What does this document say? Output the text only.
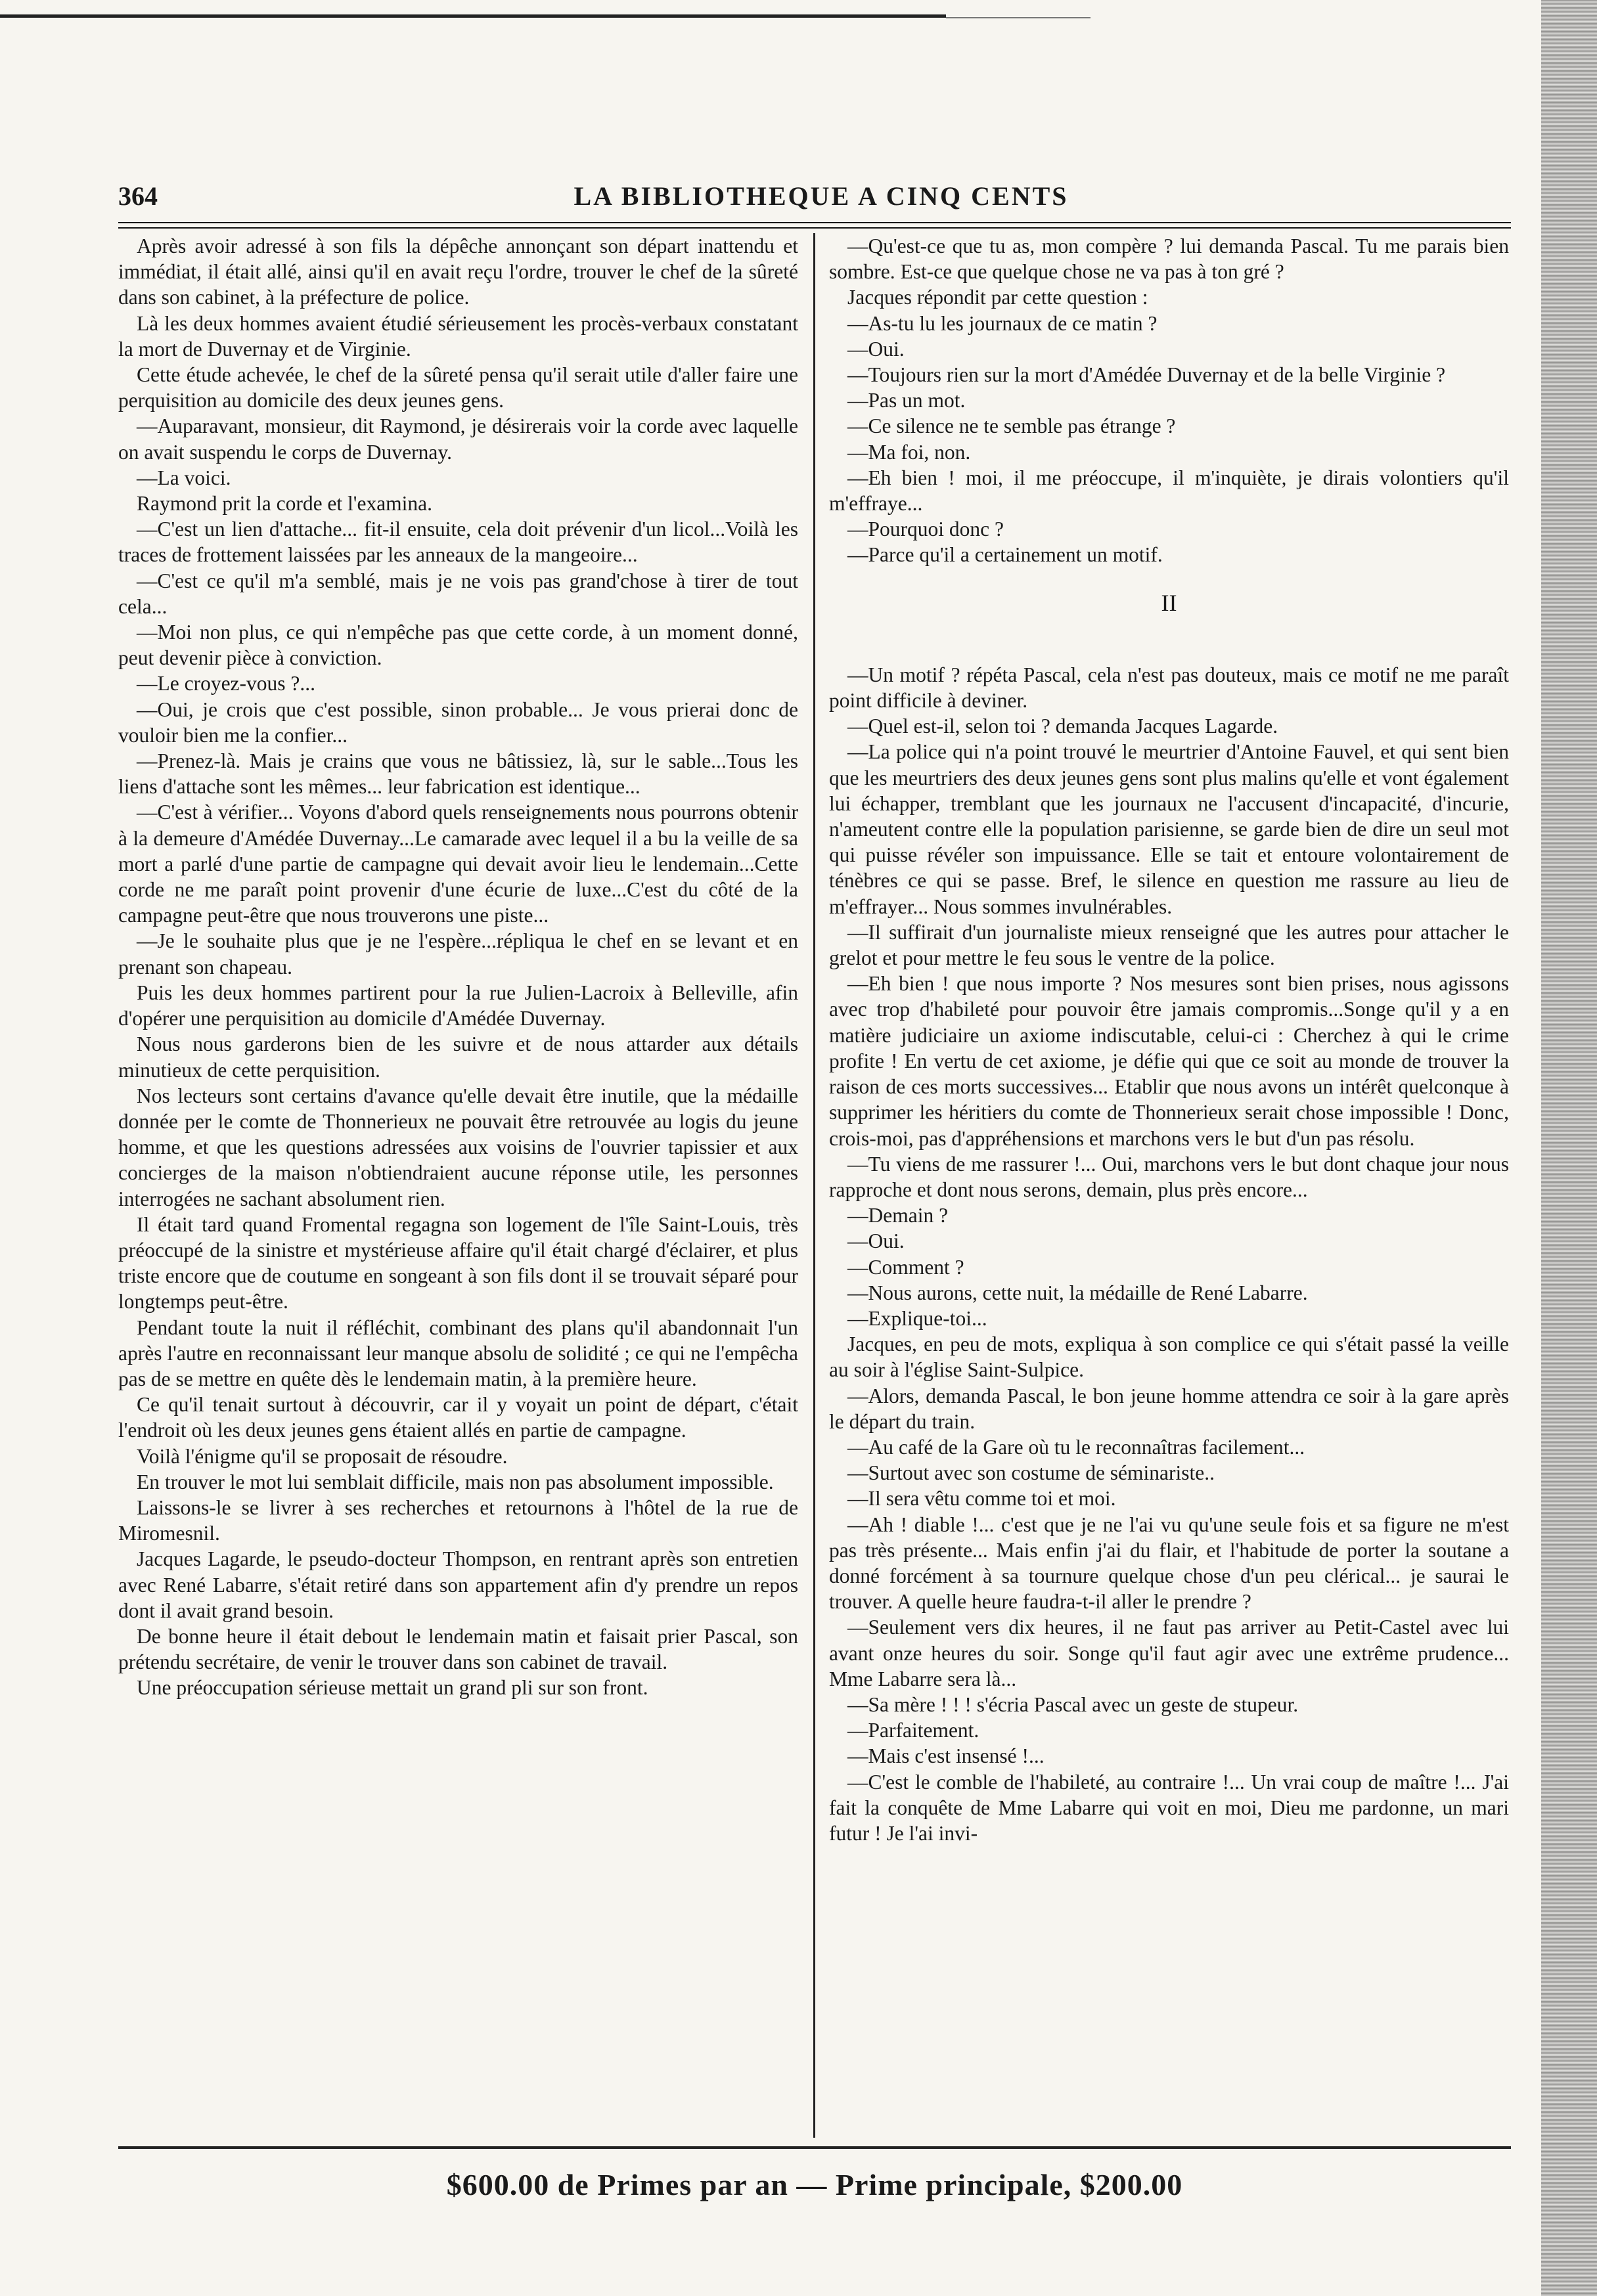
364	LA BIBLIOTHEQUE A CINQ CENTS

Après avoir adressé à son fils la dépêche annonçant son départ inattendu et immédiat, il était allé, ainsi qu'il en avait reçu l'ordre, trouver le chef de la sûreté dans son cabinet, à la préfecture de police.

Là les deux hommes avaient étudié sérieusement les procès-verbaux constatant la mort de Duvernay et de Virginie.

Cette étude achevée, le chef de la sûreté pensa qu'il serait utile d'aller faire une perquisition au domicile des deux jeunes gens.

—Auparavant, monsieur, dit Raymond, je désirerais voir la corde avec laquelle on avait suspendu le corps de Duvernay.

—La voici.

Raymond prit la corde et l'examina.

—C'est un lien d'attache... fit-il ensuite, cela doit prévenir d'un licol...Voilà les traces de frottement laissées par les anneaux de la mangeoire...

—C'est ce qu'il m'a semblé, mais je ne vois pas grand'chose à tirer de tout cela...

—Moi non plus, ce qui n'empêche pas que cette corde, à un moment donné, peut devenir pièce à conviction.

—Le croyez-vous ?...

—Oui, je crois que c'est possible, sinon probable... Je vous prierai donc de vouloir bien me la confier...

—Prenez-là. Mais je crains que vous ne bâtissiez, là, sur le sable...Tous les liens d'attache sont les mêmes... leur fabrication est identique...

—C'est à vérifier... Voyons d'abord quels renseignements nous pourrons obtenir à la demeure d'Amédée Duvernay...Le camarade avec lequel il a bu la veille de sa mort a parlé d'une partie de campagne qui devait avoir lieu le lendemain...Cette corde ne me paraît point provenir d'une écurie de luxe...C'est du côté de la campagne peut-être que nous trouverons une piste...

—Je le souhaite plus que je ne l'espère...répliqua le chef en se levant et en prenant son chapeau.

Puis les deux hommes partirent pour la rue Julien-Lacroix à Belleville, afin d'opérer une perquisition au domicile d'Amédée Duvernay.

Nous nous garderons bien de les suivre et de nous attarder aux détails minutieux de cette perquisition.

Nos lecteurs sont certains d'avance qu'elle devait être inutile, que la médaille donnée per le comte de Thonnerieux ne pouvait être retrouvée au logis du jeune homme, et que les questions adressées aux voisins de l'ouvrier tapissier et aux concierges de la maison n'obtiendraient aucune réponse utile, les personnes interrogées ne sachant absolument rien.

Il était tard quand Fromental regagna son logement de l'île Saint-Louis, très préoccupé de la sinistre et mystérieuse affaire qu'il était chargé d'éclairer, et plus triste encore que de coutume en songeant à son fils dont il se trouvait séparé pour longtemps peut-être.

Pendant toute la nuit il réfléchit, combinant des plans qu'il abandonnait l'un après l'autre en reconnaissant leur manque absolu de solidité ; ce qui ne l'empêcha pas de se mettre en quête dès le lendemain matin, à la première heure.

Ce qu'il tenait surtout à découvrir, car il y voyait un point de départ, c'était l'endroit où les deux jeunes gens étaient allés en partie de campagne.

Voilà l'énigme qu'il se proposait de résoudre.

En trouver le mot lui semblait difficile, mais non pas absolument impossible.

Laissons-le se livrer à ses recherches et retournons à l'hôtel de la rue de Miromesnil.

Jacques Lagarde, le pseudo-docteur Thompson, en rentrant après son entretien avec René Labarre, s'était retiré dans son appartement afin d'y prendre un repos dont il avait grand besoin.

De bonne heure il était debout le lendemain matin et faisait prier Pascal, son prétendu secrétaire, de venir le trouver dans son cabinet de travail.

Une préoccupation sérieuse mettait un grand pli sur son front.

—Qu'est-ce que tu as, mon compère ? lui demanda Pascal. Tu me parais bien sombre. Est-ce que quelque chose ne va pas à ton gré ?

Jacques répondit par cette question :

—As-tu lu les journaux de ce matin ?

—Oui.

—Toujours rien sur la mort d'Amédée Duvernay et de la belle Virginie ?

—Pas un mot.

—Ce silence ne te semble pas étrange ?

—Ma foi, non.

—Eh bien ! moi, il me préoccupe, il m'inquiète, je dirais volontiers qu'il m'effraye...

—Pourquoi donc ?

—Parce qu'il a certainement un motif.

II

—Un motif ? répéta Pascal, cela n'est pas douteux, mais ce motif ne me paraît point difficile à deviner.

—Quel est-il, selon toi ? demanda Jacques Lagarde.

—La police qui n'a point trouvé le meurtrier d'Antoine Fauvel, et qui sent bien que les meurtriers des deux jeunes gens sont plus malins qu'elle et vont également lui échapper, tremblant que les journaux ne l'accusent d'incapacité, d'incurie, n'ameutent contre elle la population parisienne, se garde bien de dire un seul mot qui puisse révéler son impuissance. Elle se tait et entoure volontairement de ténèbres ce qui se passe. Bref, le silence en question me rassure au lieu de m'effrayer... Nous sommes invulnérables.

—Il suffirait d'un journaliste mieux renseigné que les autres pour attacher le grelot et pour mettre le feu sous le ventre de la police.

—Eh bien ! que nous importe ? Nos mesures sont bien prises, nous agissons avec trop d'habileté pour pouvoir être jamais compromis...Songe qu'il y a en matière judiciaire un axiome indiscutable, celui-ci : Cherchez à qui le crime profite ! En vertu de cet axiome, je défie qui que ce soit au monde de trouver la raison de ces morts successives... Etablir que nous avons un intérêt quelconque à supprimer les héritiers du comte de Thonnerieux serait chose impossible ! Donc, crois-moi, pas d'appréhensions et marchons vers le but d'un pas résolu.

—Tu viens de me rassurer !... Oui, marchons vers le but dont chaque jour nous rapproche et dont nous serons, demain, plus près encore...

—Demain ?

—Oui.

—Comment ?

—Nous aurons, cette nuit, la médaille de René Labarre.

—Explique-toi...

Jacques, en peu de mots, expliqua à son complice ce qui s'était passé la veille au soir à l'église Saint-Sulpice.

—Alors, demanda Pascal, le bon jeune homme attendra ce soir à la gare après le départ du train.

—Au café de la Gare où tu le reconnaîtras facilement...

—Surtout avec son costume de séminariste..

—Il sera vêtu comme toi et moi.

—Ah ! diable !... c'est que je ne l'ai vu qu'une seule fois et sa figure ne m'est pas très présente... Mais enfin j'ai du flair, et l'habitude de porter la soutane a donné forcément à sa tournure quelque chose d'un peu clérical... je saurai le trouver. A quelle heure faudra-t-il aller le prendre ?

—Seulement vers dix heures, il ne faut pas arriver au Petit-Castel avec lui avant onze heures du soir. Songe qu'il faut agir avec une extrême prudence... Mme Labarre sera là...

—Sa mère ! ! ! s'écria Pascal avec un geste de stupeur.

—Parfaitement.

—Mais c'est insensé !...

—C'est le comble de l'habileté, au contraire !... Un vrai coup de maître !... J'ai fait la conquête de Mme Labarre qui voit en moi, Dieu me pardonne, un mari futur ! Je l'ai invi-

$600.00 de Primes par an — Prime principale, $200.00
